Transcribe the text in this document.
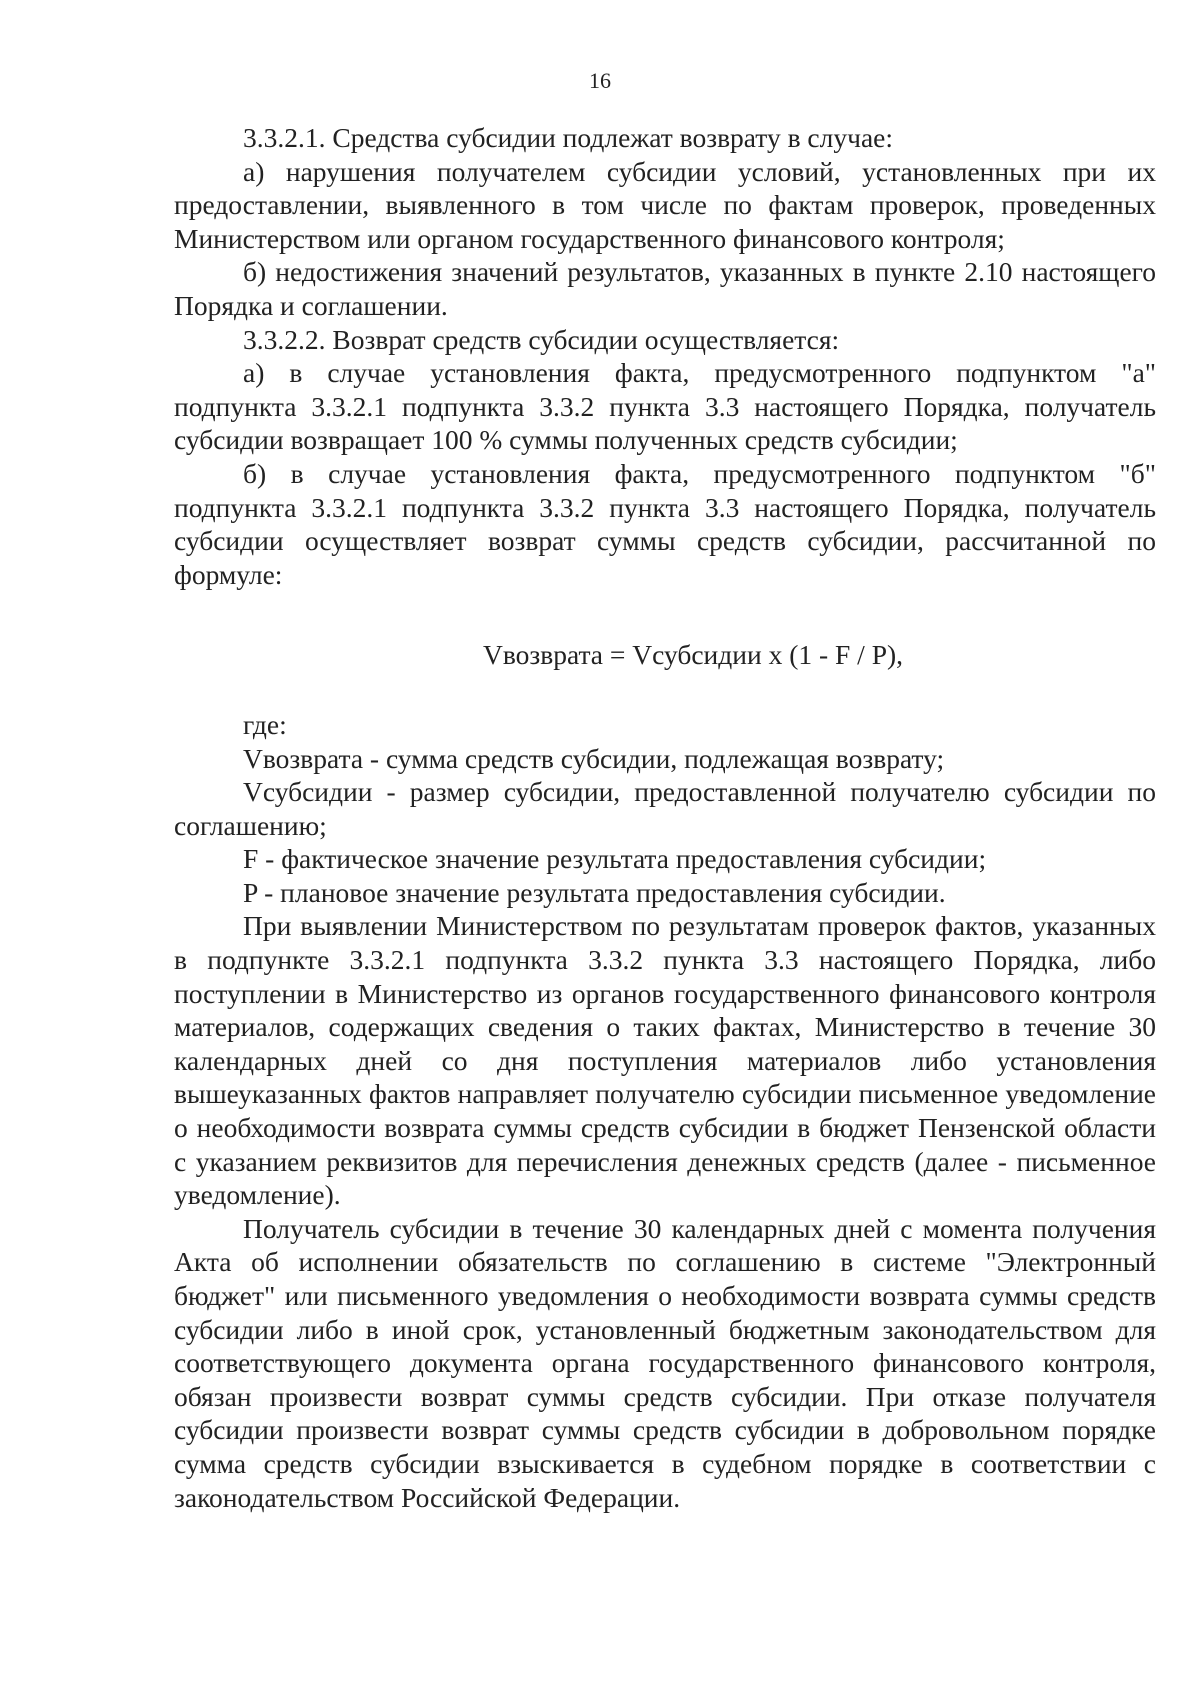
16

3.3.2.1. Средства субсидии подлежат возврату в случае:

а) нарушения получателем субсидии условий, установленных при их предоставлении, выявленного в том числе по фактам проверок, проведенных Министерством или органом государственного финансового контроля;

б) недостижения значений результатов, указанных в пункте 2.10 настоящего Порядка и соглашении.

3.3.2.2. Возврат средств субсидии осуществляется:

а) в случае установления факта, предусмотренного подпунктом "а" подпункта 3.3.2.1 подпункта 3.3.2 пункта 3.3 настоящего Порядка, получатель субсидии возвращает 100 % суммы полученных средств субсидии;

б) в случае установления факта, предусмотренного подпунктом "б" подпункта 3.3.2.1 подпункта 3.3.2 пункта 3.3 настоящего Порядка, получатель субсидии осуществляет возврат суммы средств субсидии, рассчитанной по формуле:

Vвозврата = Vсубсидии x (1 - F / P),

где:

Vвозврата - сумма средств субсидии, подлежащая возврату;

Vсубсидии - размер субсидии, предоставленной получателю субсидии по соглашению;

F - фактическое значение результата предоставления субсидии;

P - плановое значение результата предоставления субсидии.

При выявлении Министерством по результатам проверок фактов, указанных в подпункте 3.3.2.1 подпункта 3.3.2 пункта 3.3 настоящего Порядка, либо поступлении в Министерство из органов государственного финансового контроля материалов, содержащих сведения о таких фактах, Министерство в течение 30 календарных дней со дня поступления материалов либо установления вышеуказанных фактов направляет получателю субсидии письменное уведомление о необходимости возврата суммы средств субсидии в бюджет Пензенской области с указанием реквизитов для перечисления денежных средств (далее - письменное уведомление).

Получатель субсидии в течение 30 календарных дней с момента получения Акта об исполнении обязательств по соглашению в системе "Электронный бюджет" или письменного уведомления о необходимости возврата суммы средств субсидии либо в иной срок, установленный бюджетным законодательством для соответствующего документа органа государственного финансового контроля, обязан произвести возврат суммы средств субсидии. При отказе получателя субсидии произвести возврат суммы средств субсидии в добровольном порядке сумма средств субсидии взыскивается в судебном порядке в соответствии с законодательством Российской Федерации.
